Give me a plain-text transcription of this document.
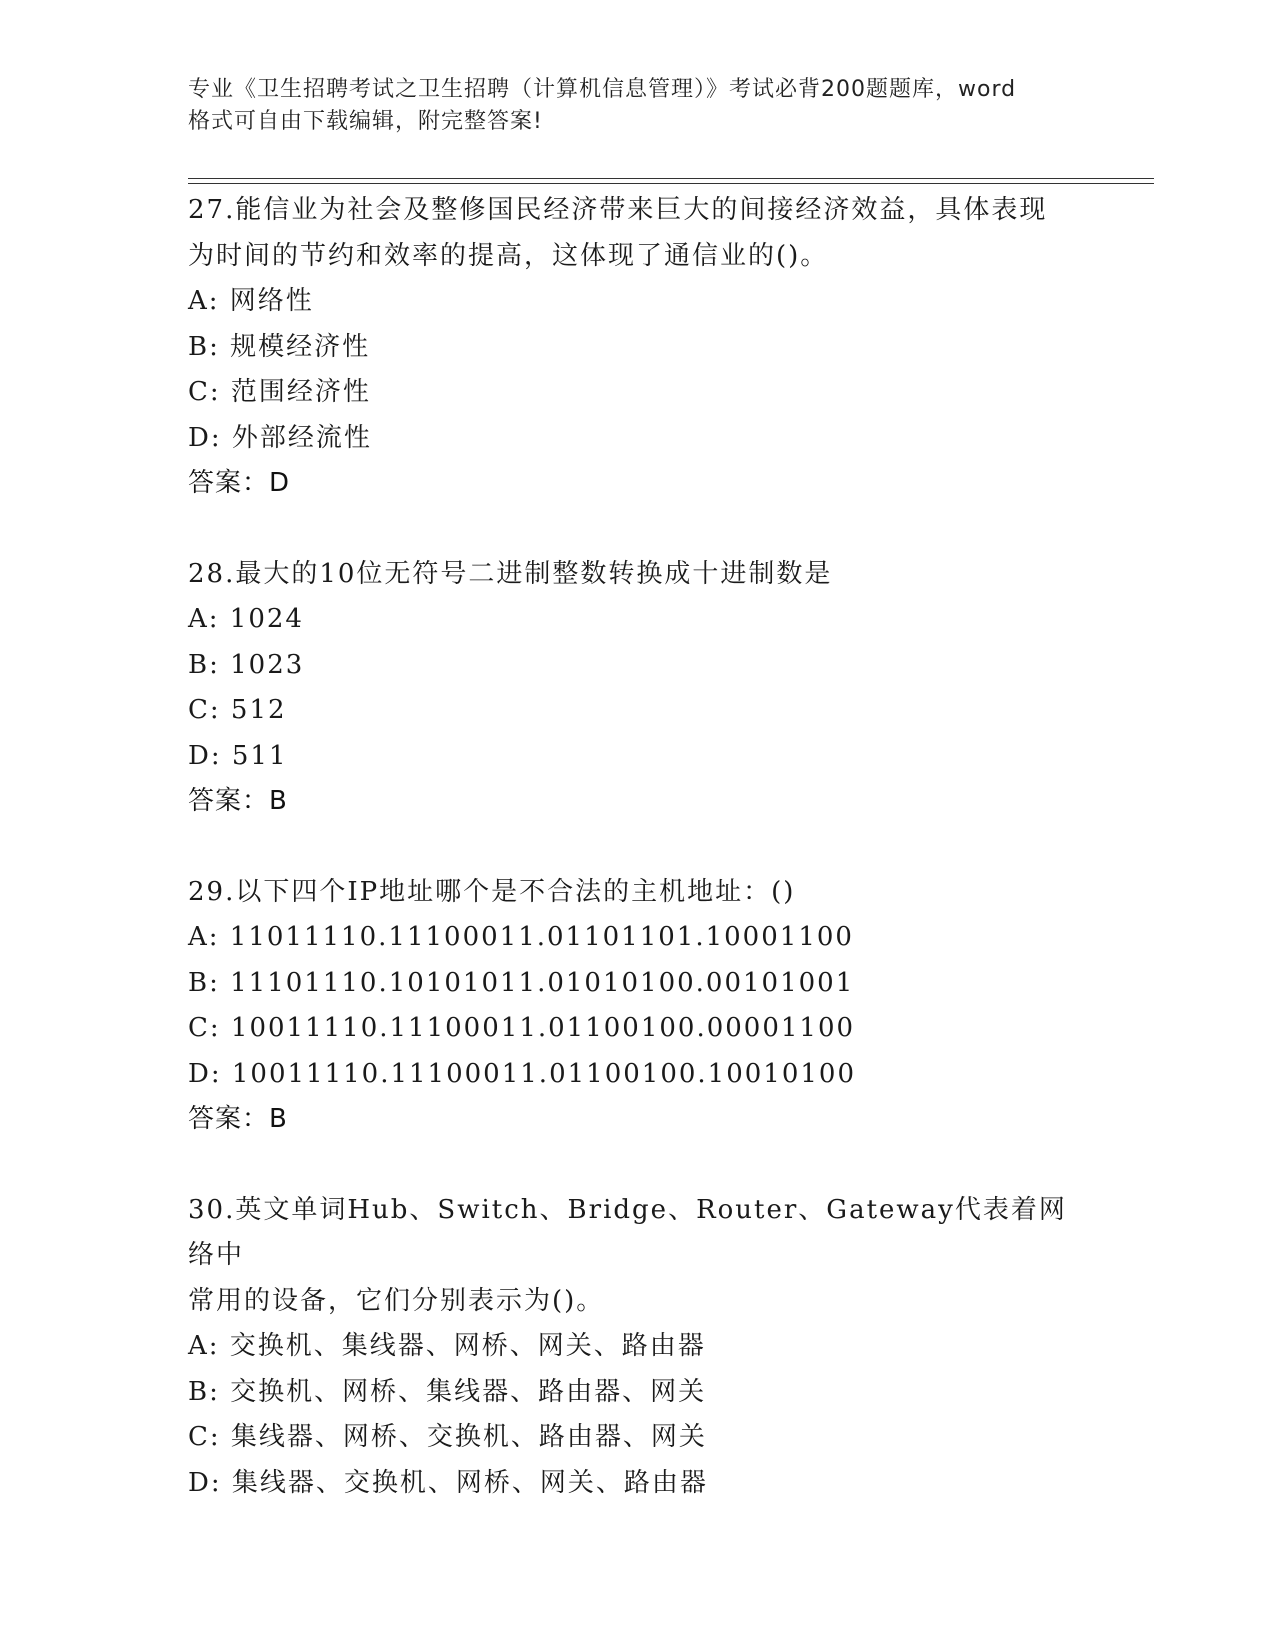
专业《卫生招聘考试之卫生招聘（计算机信息管理）》考试必背200题题库，word
格式可自由下载编辑，附完整答案!
27.能信业为社会及整修国民经济带来巨大的间接经济效益，具体表现
为时间的节约和效率的提高，这体现了通信业的()。
A: 网络性
B: 规模经济性
C: 范围经济性
D: 外部经流性
答案：D
28.最大的10位无符号二进制整数转换成十进制数是
A: 1024
B: 1023
C: 512
D: 511
答案：B
29.以下四个IP地址哪个是不合法的主机地址：()
A: 11011110.11100011.01101101.10001100
B: 11101110.10101011.01010100.00101001
C: 10011110.11100011.01100100.00001100
D: 10011110.11100011.01100100.10010100
答案：B
30.英文单词Hub、Switch、Bridge、Router、Gateway代表着网络中
常用的设备，它们分别表示为()。
A: 交换机、集线器、网桥、网关、路由器
B: 交换机、网桥、集线器、路由器、网关
C: 集线器、网桥、交换机、路由器、网关
D: 集线器、交换机、网桥、网关、路由器
